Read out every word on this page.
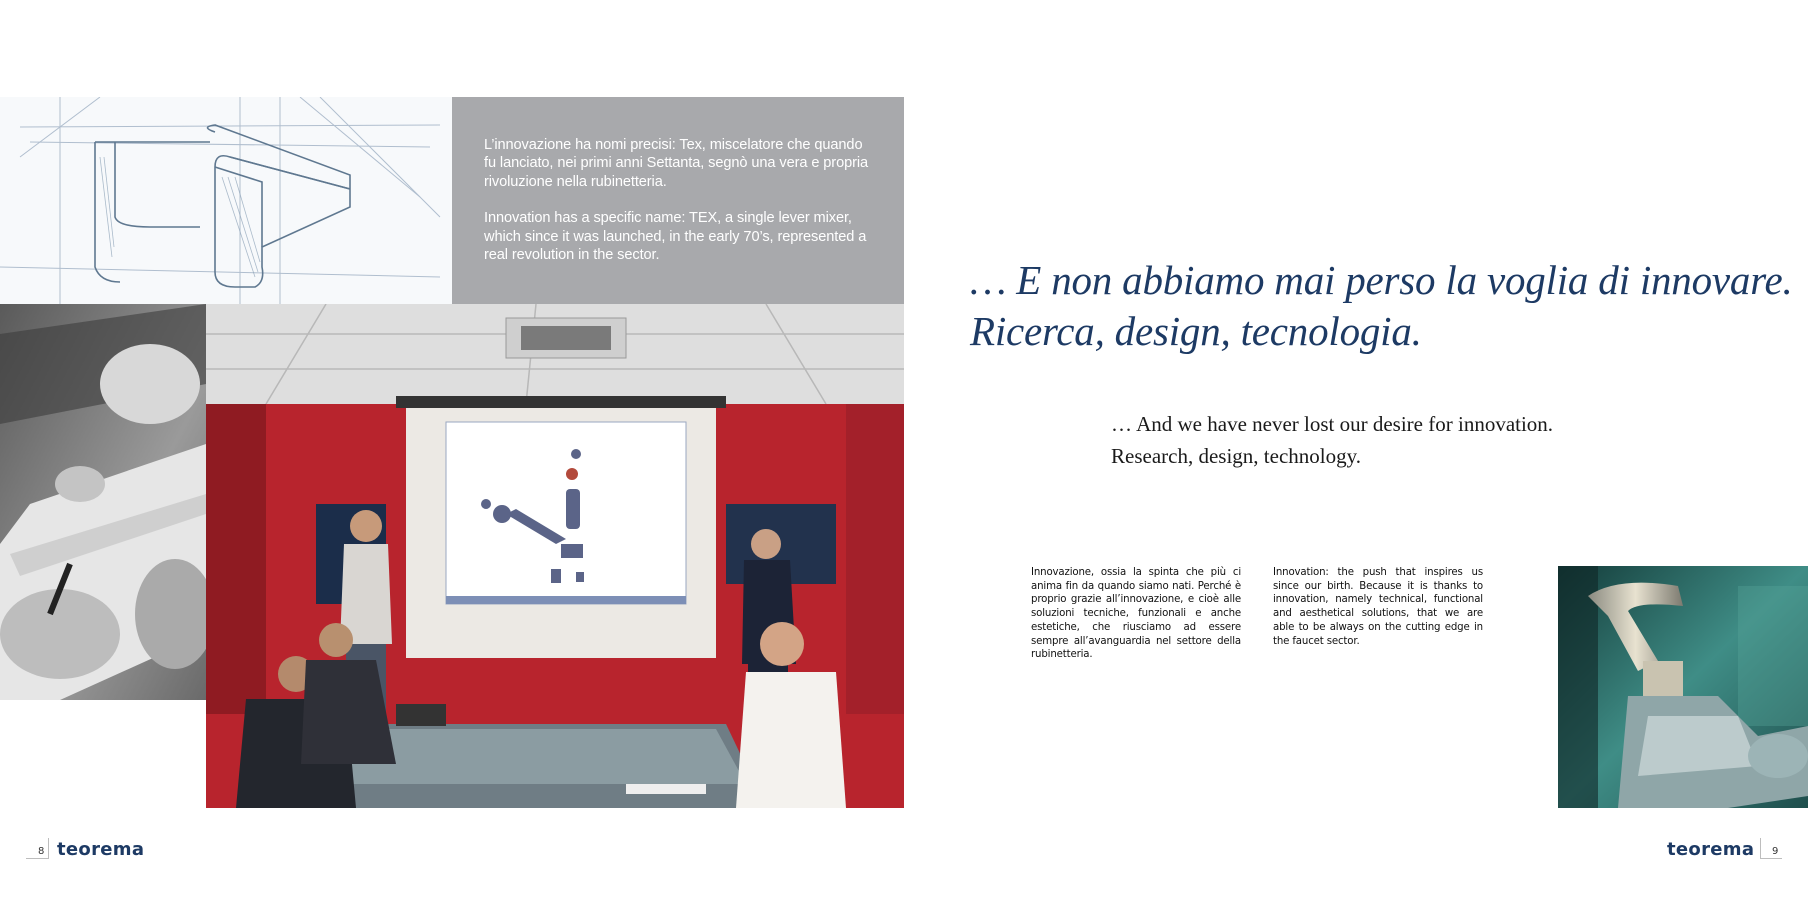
L’innovazione ha nomi precisi: Tex, miscelatore che quando fu lanciato, nei primi anni Settanta, segnò una vera e propria rivoluzione nella rubinetteria.

Innovation has a specific name: TEX, a single lever mixer, which since it was launched, in the early 70’s, represented a real revolution in the sector.

… E non abbiamo mai perso la voglia di innovare.
Ricerca, design, tecnologia.
… And we have never lost our desire for innovation.
Research, design, technology.
Innovazione, ossia la spinta che più ci anima fin da quando siamo nati. Perché è proprio grazie all’innovazione, e cioè alle soluzioni tecniche, funzionali e anche estetiche, che riusciamo ad essere sempre all’avanguardia nel settore della rubinetteria.
Innovation: the push that inspires us since our birth. Because it is thanks to innovation, namely technical, functional and aesthetical solutions, that we are able to be always on the cutting edge in the faucet sector.
8 teorema	9
teorema
